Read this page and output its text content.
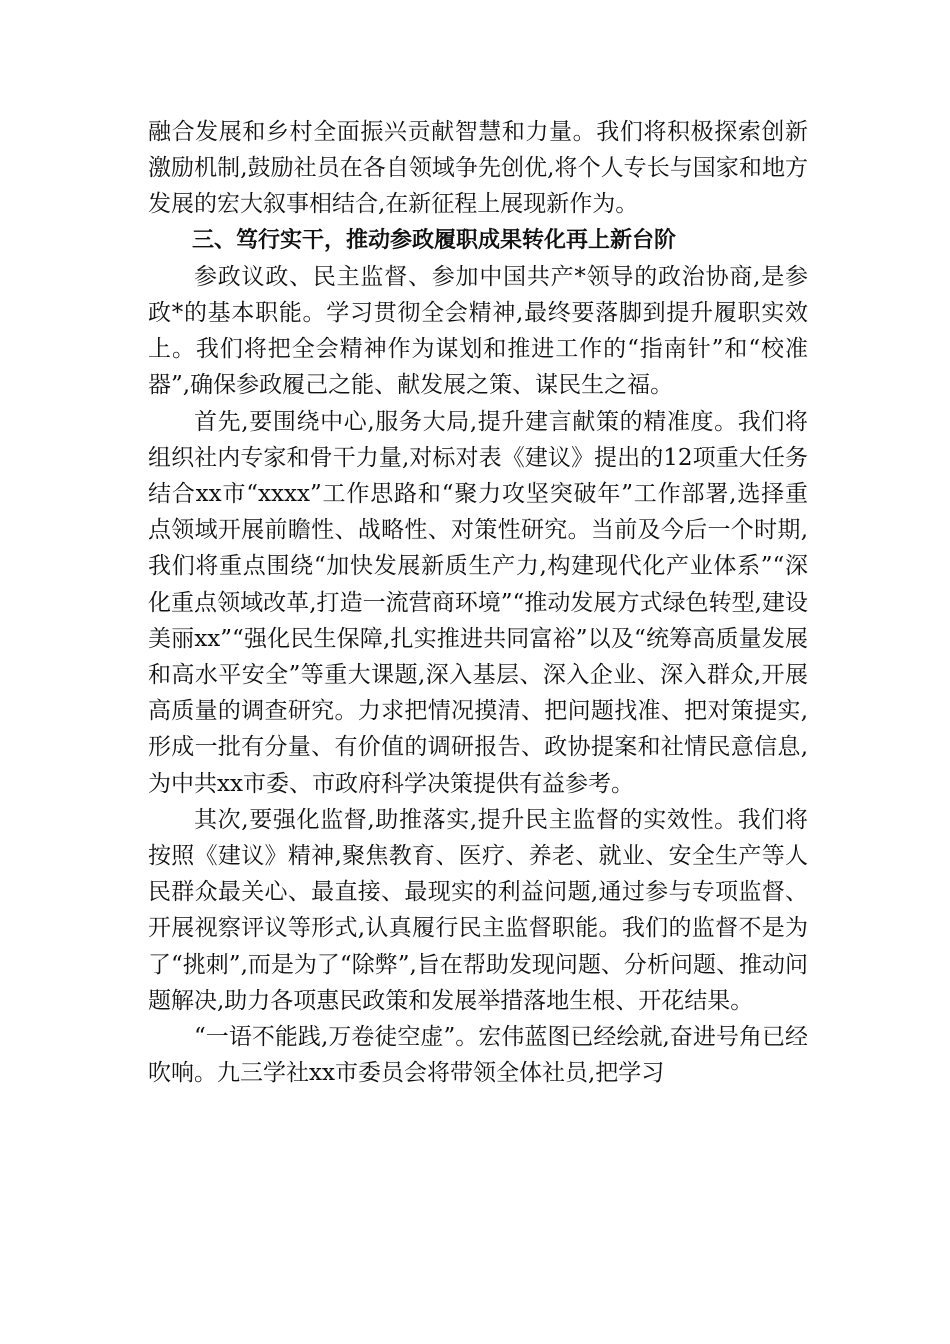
融合发展和乡村全面振兴贡献智慧和力量。我们将积极探索创新激励机制,鼓励社员在各自领域争先创优,将个人专长与国家和地方发展的宏大叙事相结合,在新征程上展现新作为。

三、笃行实干，推动参政履职成果转化再上新台阶

参政议政、民主监督、参加中国共产*领导的政治协商,是参政*的基本职能。学习贯彻全会精神,最终要落脚到提升履职实效上。我们将把全会精神作为谋划和推进工作的“指南针”和“校准器”,确保参政履己之能、献发展之策、谋民生之福。

首先,要围绕中心,服务大局,提升建言献策的精准度。我们将组织社内专家和骨干力量,对标对表《建议》提出的12项重大任务结合xx市“xxxx”工作思路和“聚力攻坚突破年”工作部署,选择重点领域开展前瞻性、战略性、对策性研究。当前及今后一个时期,我们将重点围绕“加快发展新质生产力,构建现代化产业体系”“深化重点领域改革,打造一流营商环境”“推动发展方式绿色转型,建设美丽xx”“强化民生保障,扎实推进共同富裕”以及“统筹高质量发展和高水平安全”等重大课题,深入基层、深入企业、深入群众,开展高质量的调查研究。力求把情况摸清、把问题找准、把对策提实,形成一批有分量、有价值的调研报告、政协提案和社情民意信息,为中共xx市委、市政府科学决策提供有益参考。

其次,要强化监督,助推落实,提升民主监督的实效性。我们将按照《建议》精神,聚焦教育、医疗、养老、就业、安全生产等人民群众最关心、最直接、最现实的利益问题,通过参与专项监督、开展视察评议等形式,认真履行民主监督职能。我们的监督不是为了“挑刺”,而是为了“除弊”,旨在帮助发现问题、分析问题、推动问题解决,助力各项惠民政策和发展举措落地生根、开花结果。

“一语不能践,万卷徒空虚”。宏伟蓝图已经绘就,奋进号角已经吹响。九三学社xx市委员会将带领全体社员,把学习
